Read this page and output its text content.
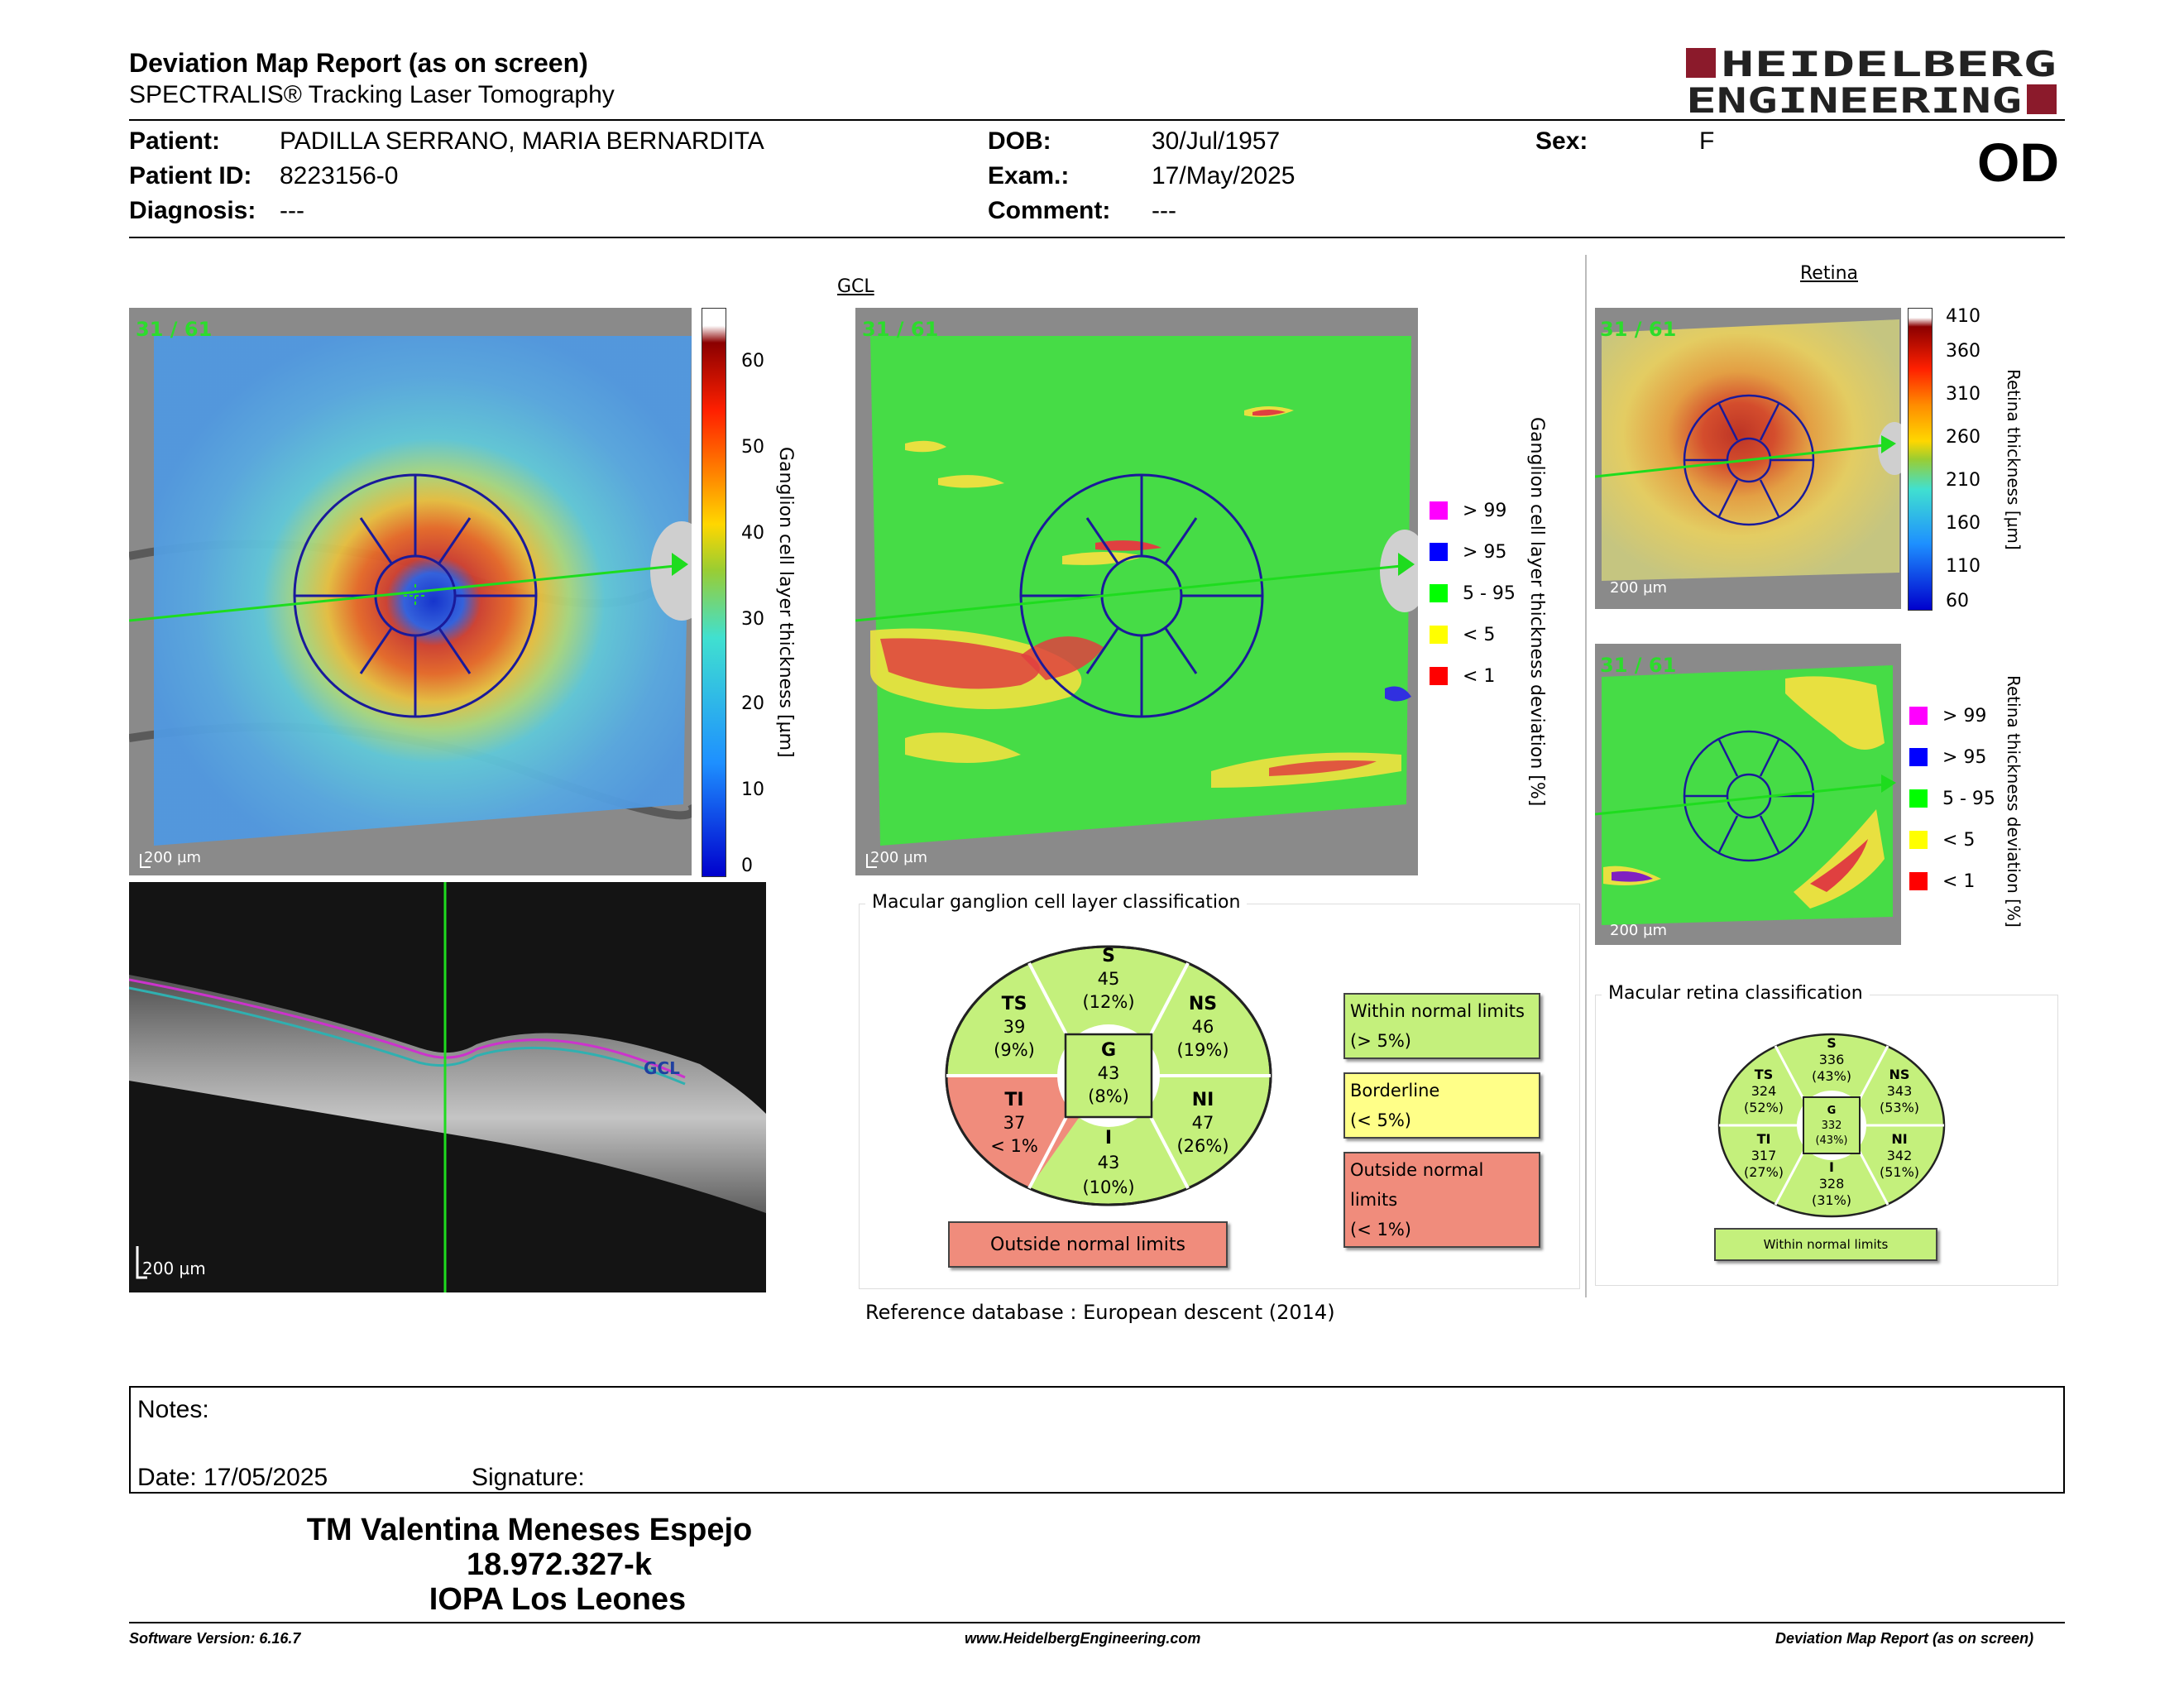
Deviation Map Report (as on screen)
SPECTRALIS® Tracking Laser Tomography
HEIDELBERG
ENGINEERING
Patient: PADILLA SERRANO, MARIA BERNARDITA
Patient ID: 8223156-0
Diagnosis: ---
DOB:	30/Jul/1957
Exam.:	17/May/2025
Comment: ---
Sex:	F	OD
31 / 61
200 µm
60
50
40
30
20
10
0
Ganglion cell layer thickness [µm]
GCL
200 µm
GCL
31 / 61
200 µm
> 99
> 95
5 - 95
< 5
< 1 Ganglion cell layer thickness deviation [%]
Retina
31 / 61
200 µm
410
360
310
260
210
160
110
60
Retina thickness [µm]
31 / 61
200 µm
> 99
> 95
5 - 95
< 5
< 1 Retina thickness deviation [%]
Macular ganglion cell layer classification
S
45
(12%)
TS
39
(9%)
NS
46
(19%)
TI
37
< 1%
NI
47
(26%)
I
43
(10%)
G
43
(8%)
Outside normal limits
Within normal limits
(> 5%)
Borderline
(< 5%)
Outside normal limits
(< 1%)
Reference database : European descent (2014)
Macular retina classification
S
336
(43%)
TS
324
(52%)
NS
343
(53%)
TI
317
(27%)
NI
342
(51%)
I
328
(31%)
G
332
(43%)
Within normal limits
Notes:
Date: 17/05/2025	Signature:
TM Valentina Meneses Espejo
18.972.327-k
IOPA Los Leones
Software Version: 6.16.7	www.HeidelbergEngineering.com	Deviation Map Report (as on screen)
